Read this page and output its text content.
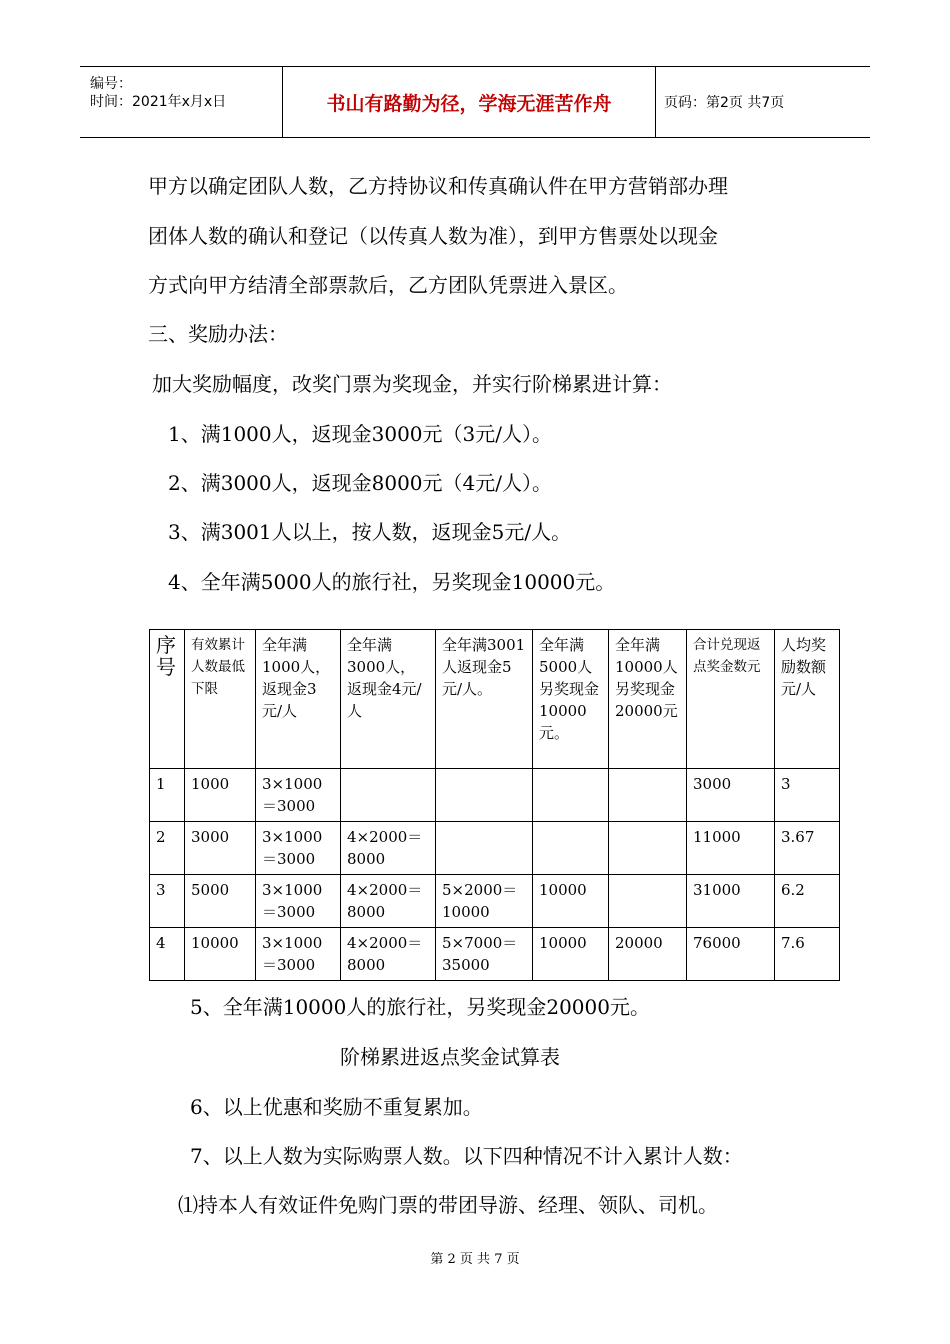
编号：
时间：2021年x月x日	书山有路勤为径，学海无涯苦作舟	页码：第2页 共7页
甲方以确定团队人数，乙方持协议和传真确认件在甲方营销部办理
团体人数的确认和登记（以传真人数为准），到甲方售票处以现金
方式向甲方结清全部票款后，乙方团队凭票进入景区。
三、奖励办法：
加大奖励幅度，改奖门票为奖现金，并实行阶梯累进计算：
1、满1000人，返现金3000元（3元/人）。
2、满3000人，返现金8000元（4元/人）。
3、满3001人以上，按人数，返现金5元/人。
4、全年满5000人的旅行社，另奖现金10000元。
序号	有效累计人数最低下限	全年满1000人，返现金3元/人	全年满3000人，返现金4元/人	全年满3001人返现金5元/人。	全年满5000人另奖现金10000元。	全年满10000人另奖现金20000元	合计兑现返点奖金数元	人均奖励数额元/人
1	1000	3×1000＝3000					3000	3
2	3000	3×1000＝3000	4×2000＝8000				11000	3.67
3	5000	3×1000＝3000	4×2000＝8000	5×2000＝10000	10000		31000	6.2
4	10000	3×1000＝3000	4×2000＝8000	5×7000＝35000	10000	20000	76000	7.6
5、全年满10000人的旅行社，另奖现金20000元。
阶梯累进返点奖金试算表
6、以上优惠和奖励不重复累加。
7、以上人数为实际购票人数。以下四种情况不计入累计人数：
⑴持本人有效证件免购门票的带团导游、经理、领队、司机。
第 2 页 共 7 页
